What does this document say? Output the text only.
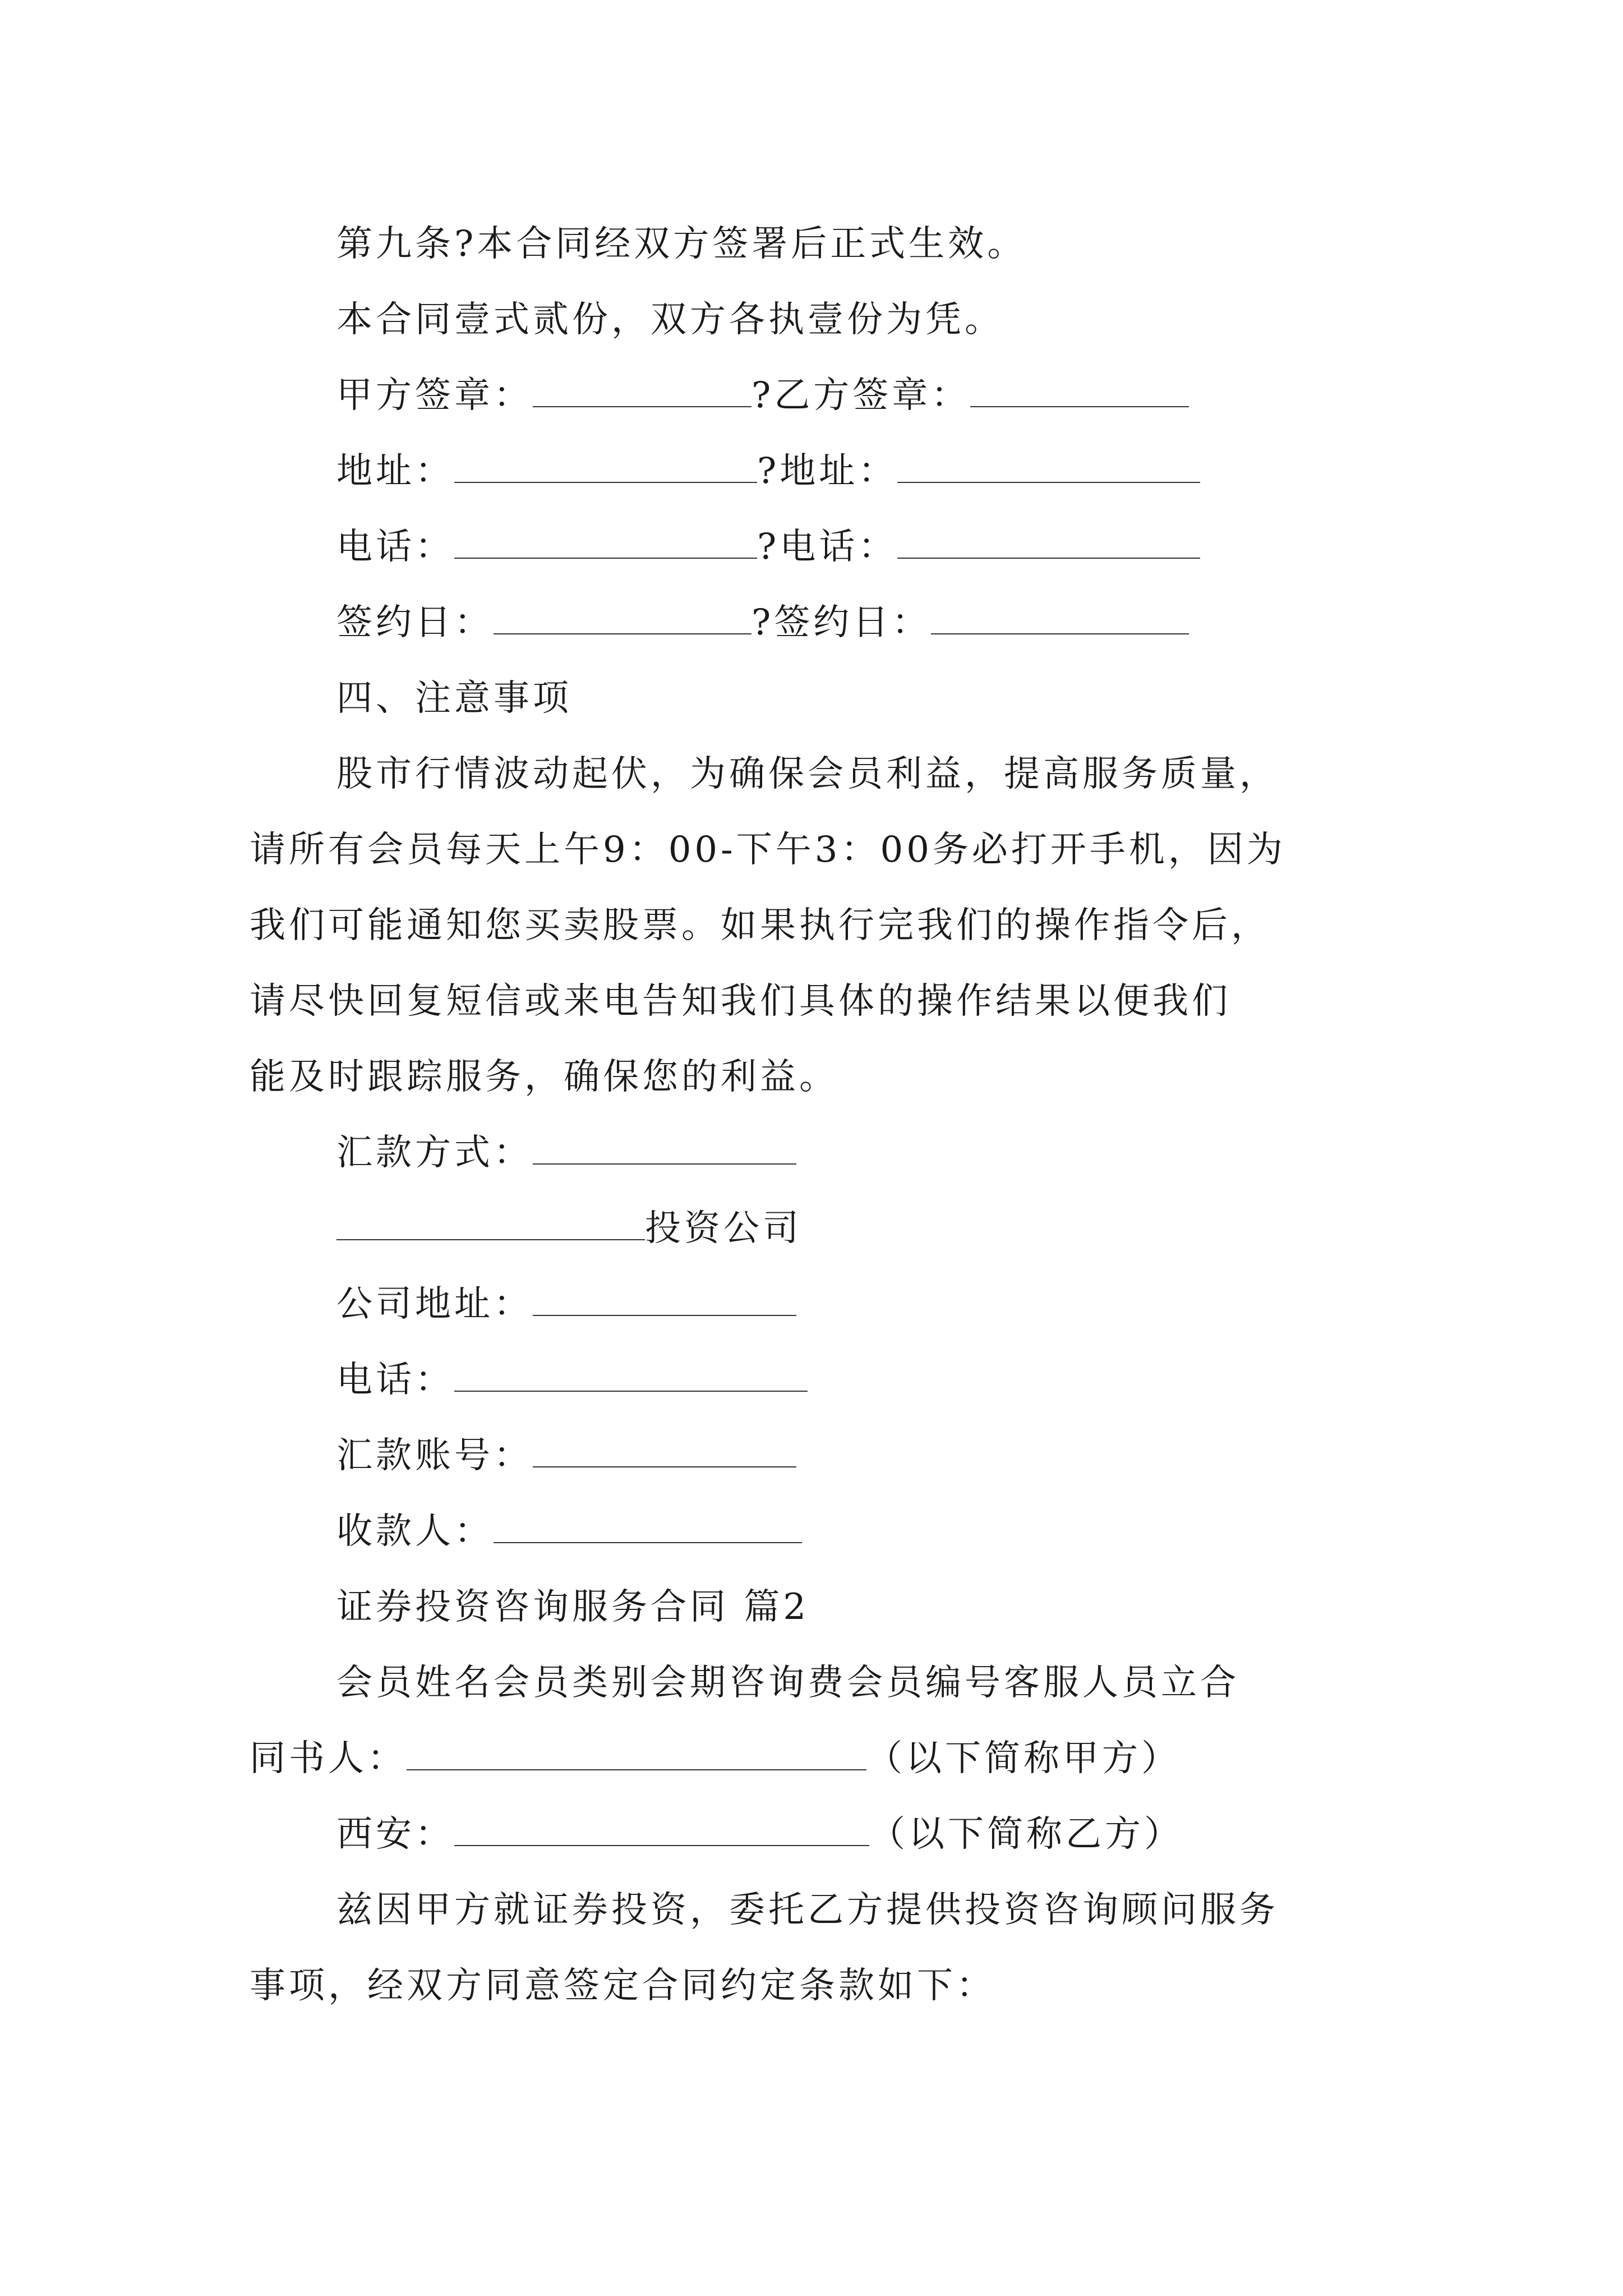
第九条?本合同经双方签署后正式生效。
本合同壹式贰份，双方各执壹份为凭。
甲方签章：	?乙方签章：
地址：	?地址：
电话：	?电话：
签约日：	?签约日：
四、注意事项
股市行情波动起伏，为确保会员利益，提高服务质量，
请所有会员每天上午9：00-下午3：00务必打开手机，因为
我们可能通知您买卖股票。如果执行完我们的操作指令后，
请尽快回复短信或来电告知我们具体的操作结果以便我们
能及时跟踪服务，确保您的利益。
汇款方式：
投资公司
公司地址：
电话：
汇款账号：
收款人：
证券投资咨询服务合同 篇2
会员姓名会员类别会期咨询费会员编号客服人员立合
同书人：	（以下简称甲方）
西安：	（以下简称乙方）
兹因甲方就证券投资，委托乙方提供投资咨询顾问服务
事项，经双方同意签定合同约定条款如下：
